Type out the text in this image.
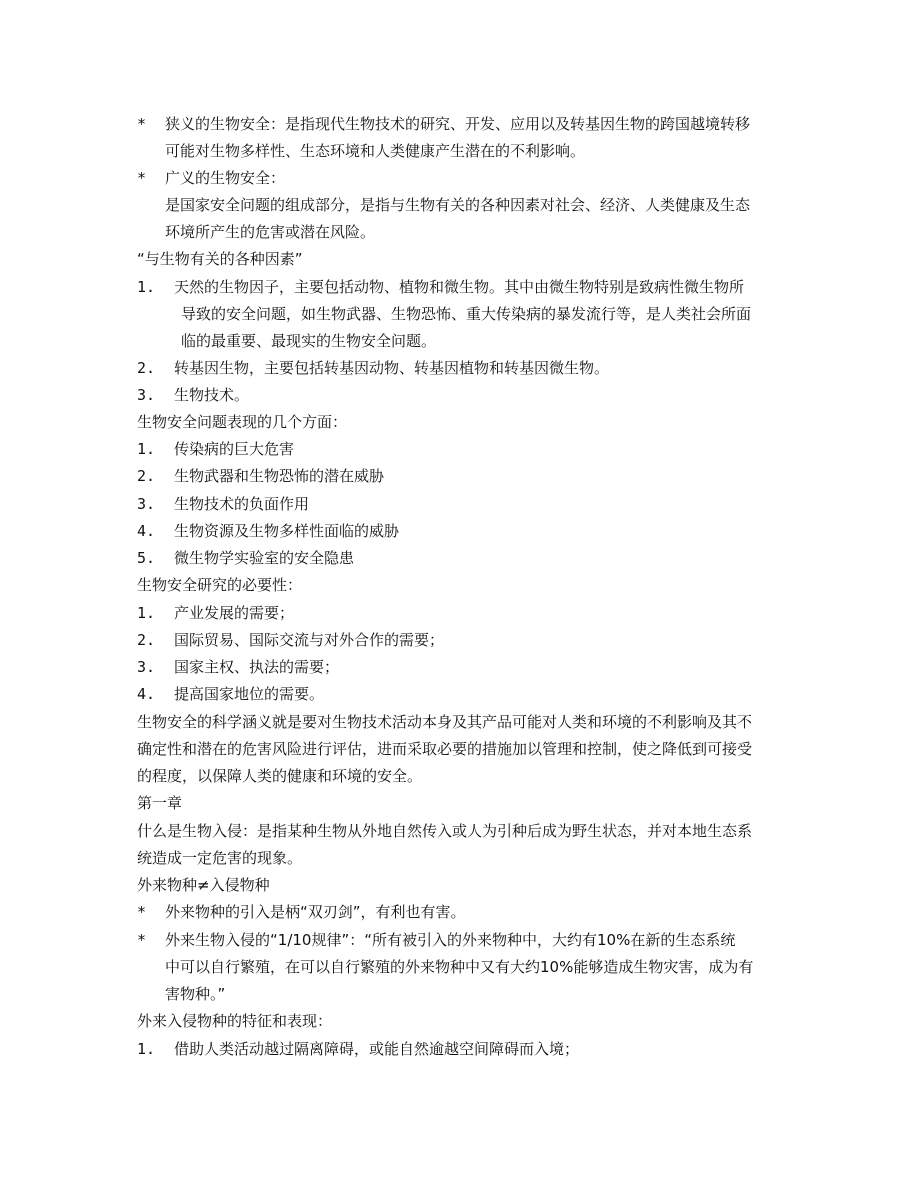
* 狭义的生物安全：是指现代生物技术的研究、开发、应用以及转基因生物的跨国越境转移
可能对生物多样性、生态环境和人类健康产生潜在的不利影响。
* 广义的生物安全：
是国家安全问题的组成部分，是指与生物有关的各种因素对社会、经济、人类健康及生态
环境所产生的危害或潜在风险。
“与生物有关的各种因素”
1. 天然的生物因子，主要包括动物、植物和微生物。其中由微生物特别是致病性微生物所
导致的安全问题，如生物武器、生物恐怖、重大传染病的暴发流行等，是人类社会所面
临的最重要、最现实的生物安全问题。
2. 转基因生物，主要包括转基因动物、转基因植物和转基因微生物。
3. 生物技术。
生物安全问题表现的几个方面：
1. 传染病的巨大危害
2. 生物武器和生物恐怖的潜在威胁
3. 生物技术的负面作用
4. 生物资源及生物多样性面临的威胁
5. 微生物学实验室的安全隐患
生物安全研究的必要性：
1. 产业发展的需要；
2. 国际贸易、国际交流与对外合作的需要；
3. 国家主权、执法的需要；
4. 提高国家地位的需要。
生物安全的科学涵义就是要对生物技术活动本身及其产品可能对人类和环境的不利影响及其不
确定性和潜在的危害风险进行评估，进而采取必要的措施加以管理和控制，使之降低到可接受
的程度，以保障人类的健康和环境的安全。
第一章
什么是生物入侵：是指某种生物从外地自然传入或人为引种后成为野生状态，并对本地生态系
统造成一定危害的现象。
外来物种≠入侵物种
* 外来物种的引入是柄“双刃剑”，有利也有害。
* 外来生物入侵的“1/10规律”：“所有被引入的外来物种中，大约有10%在新的生态系统
中可以自行繁殖，在可以自行繁殖的外来物种中又有大约10%能够造成生物灾害，成为有
害物种。”
外来入侵物种的特征和表现：
1. 借助人类活动越过隔离障碍，或能自然逾越空间障碍而入境；
